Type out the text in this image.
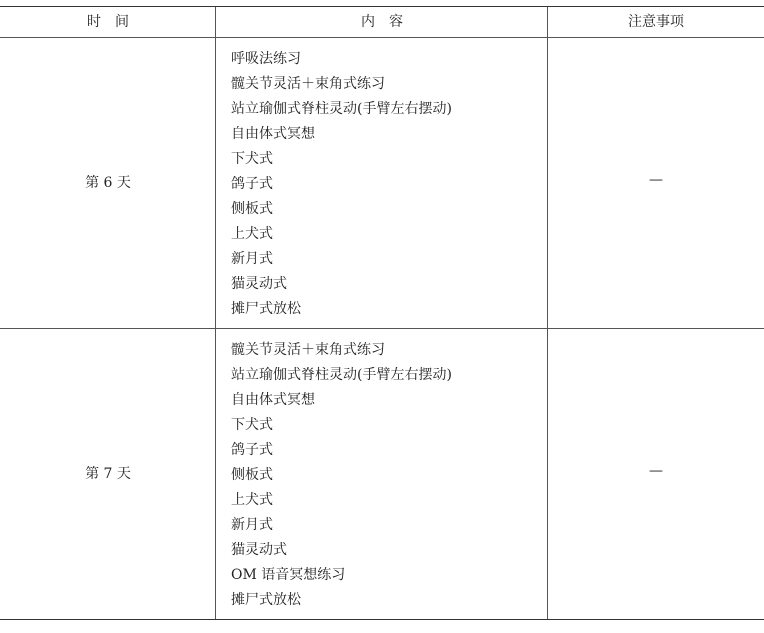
时　间	内　容	注意事项
第 6 天
呼吸法练习
髋关节灵活＋束角式练习
站立瑜伽式脊柱灵动(手臂左右摆动)
自由体式冥想
下犬式
鸽子式
侧板式
上犬式
新月式
猫灵动式
摊尸式放松
—
第 7 天
髋关节灵活＋束角式练习
站立瑜伽式脊柱灵动(手臂左右摆动)
自由体式冥想
下犬式
鸽子式
侧板式
上犬式
新月式
猫灵动式
OM 语音冥想练习
摊尸式放松
—
